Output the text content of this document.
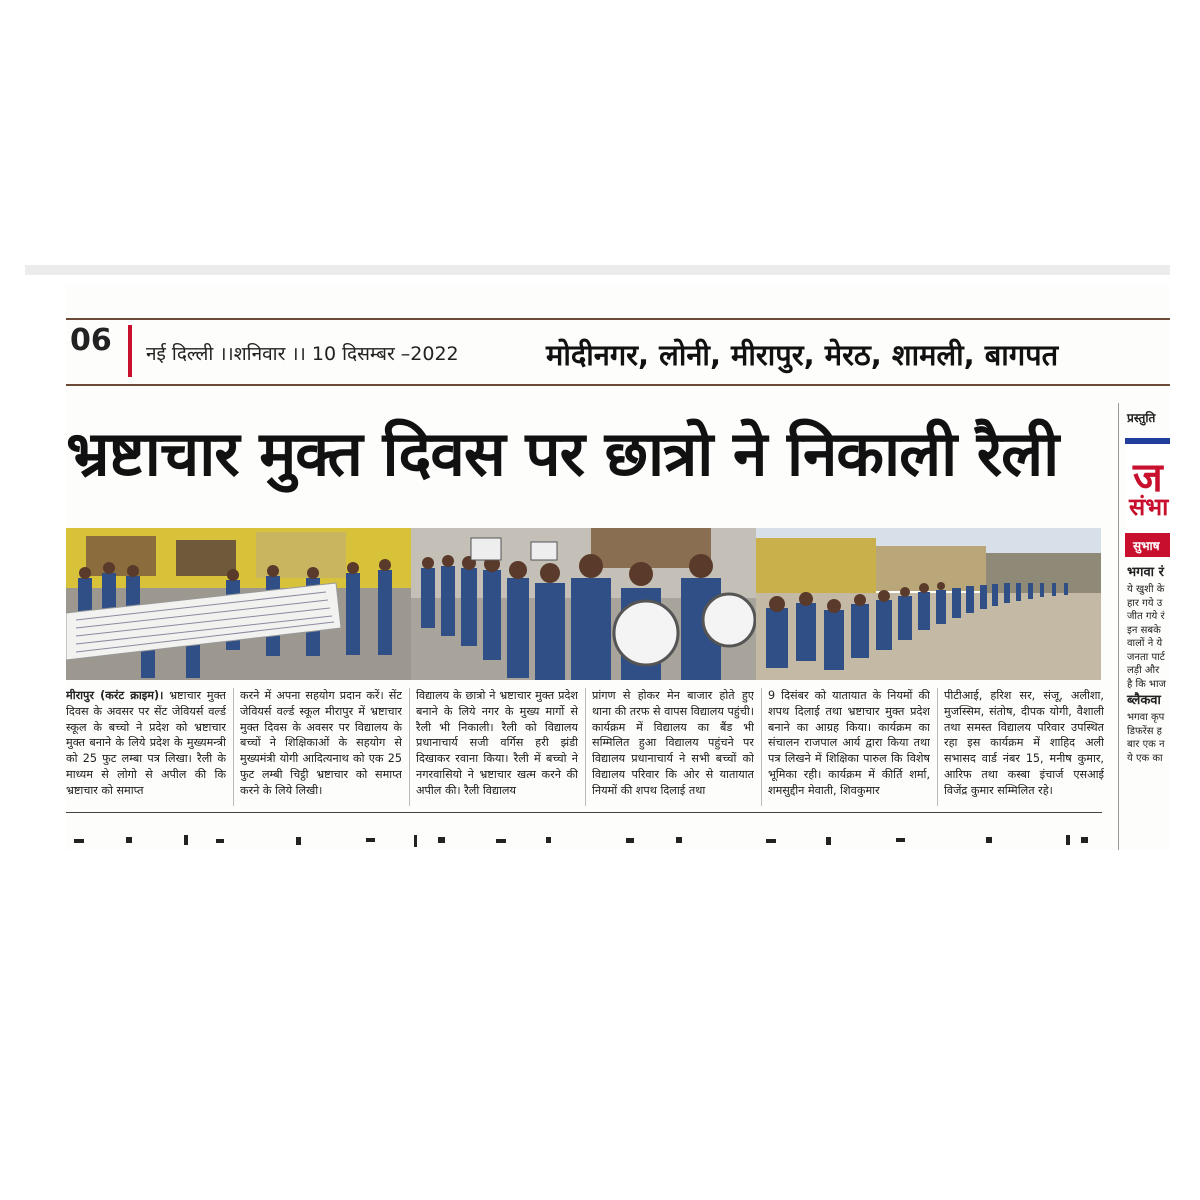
06 नई दिल्ली ।।शनिवार ।। 10 दिसम्बर –2022	मोदीनगर, लोनी, मीरापुर, मेरठ, शामली, बागपत
भ्रष्टाचार मुक्त दिवस पर छात्रो ने निकाली रैली
मीरापुर (करंट क्राइम)। भ्रष्टाचार मुक्त दिवस के अवसर पर सेंट जेवियर्स वर्ल्ड स्कूल के बच्चो ने प्रदेश को भ्रष्टाचार मुक्त बनाने के लिये प्रदेश के मुख्यमन्त्री को 25 फुट लम्बा पत्र लिखा। रैली के माध्यम से लोगो से अपील की कि भ्रष्टाचार को समाप्त
करने में अपना सहयोग प्रदान करें। सेंट जेवियर्स वर्ल्ड स्कूल मीरापुर में भ्रष्टाचार मुक्त दिवस के अवसर पर विद्यालय के बच्चों ने शिक्षिकाओं के सहयोग से मुख्यमंत्री योगी आदित्यनाथ को एक 25 फुट लम्बी चिट्ठी भ्रष्टाचार को समाप्त करने के लिये लिखी।
विद्यालय के छात्रो ने भ्रष्टाचार मुक्त प्रदेश बनाने के लिये नगर के मुख्य मार्गो से रैली भी निकाली। रैली को विद्यालय प्रधानाचार्य सजी वर्गिस हरी झंडी दिखाकर रवाना किया। रैली में बच्चो ने नगरवासियो ने भ्रष्टाचार खत्म करने की अपील की। रैली विद्यालय
प्रांगण से होकर मेन बाजार होते हुए थाना की तरफ से वापस विद्यालय पहुंची। कार्यक्रम में विद्यालय का बैंड भी सम्मिलित हुआ विद्यालय पहुंचने पर विद्यालय प्रधानाचार्य ने सभी बच्चों को विद्यालय परिवार कि ओर से यातायात नियमों की शपथ दिलाई तथा
9 दिसंबर को यातायात के नियमों की शपथ दिलाई तथा भ्रष्टाचार मुक्त प्रदेश बनाने का आग्रह किया। कार्यक्रम का संचालन राजपाल आर्य द्वारा किया तथा पत्र लिखने में शिक्षिका पारुल कि विशेष भूमिका रही। कार्यक्रम में कीर्ति शर्मा, शमसुद्दीन मेवाती, शिवकुमार
पीटीआई, हरिश सर, संजू, अलीशा, मुजस्सिम, संतोष, दीपक योगी, वैशाली तथा समस्त विद्यालय परिवार उपस्थित रहा इस कार्यक्रम में शाहिद अली सभासद वार्ड नंबर 15, मनीष कुमार, आरिफ तथा कस्बा इंचार्ज एसआई विजेंद्र कुमार सम्मिलित रहे।
प्रस्तुति
ज
संभा
सुभाष
भगवा रं
ये खुशी के
हार गये उ
जीत गये रं
इन सबके
वालों ने ये
जनता पार्ट
लड़ी और
है कि भाज
ब्लैकवा
भगवा कृप
डिफरेंस ह
बार एक न
ये एक का
